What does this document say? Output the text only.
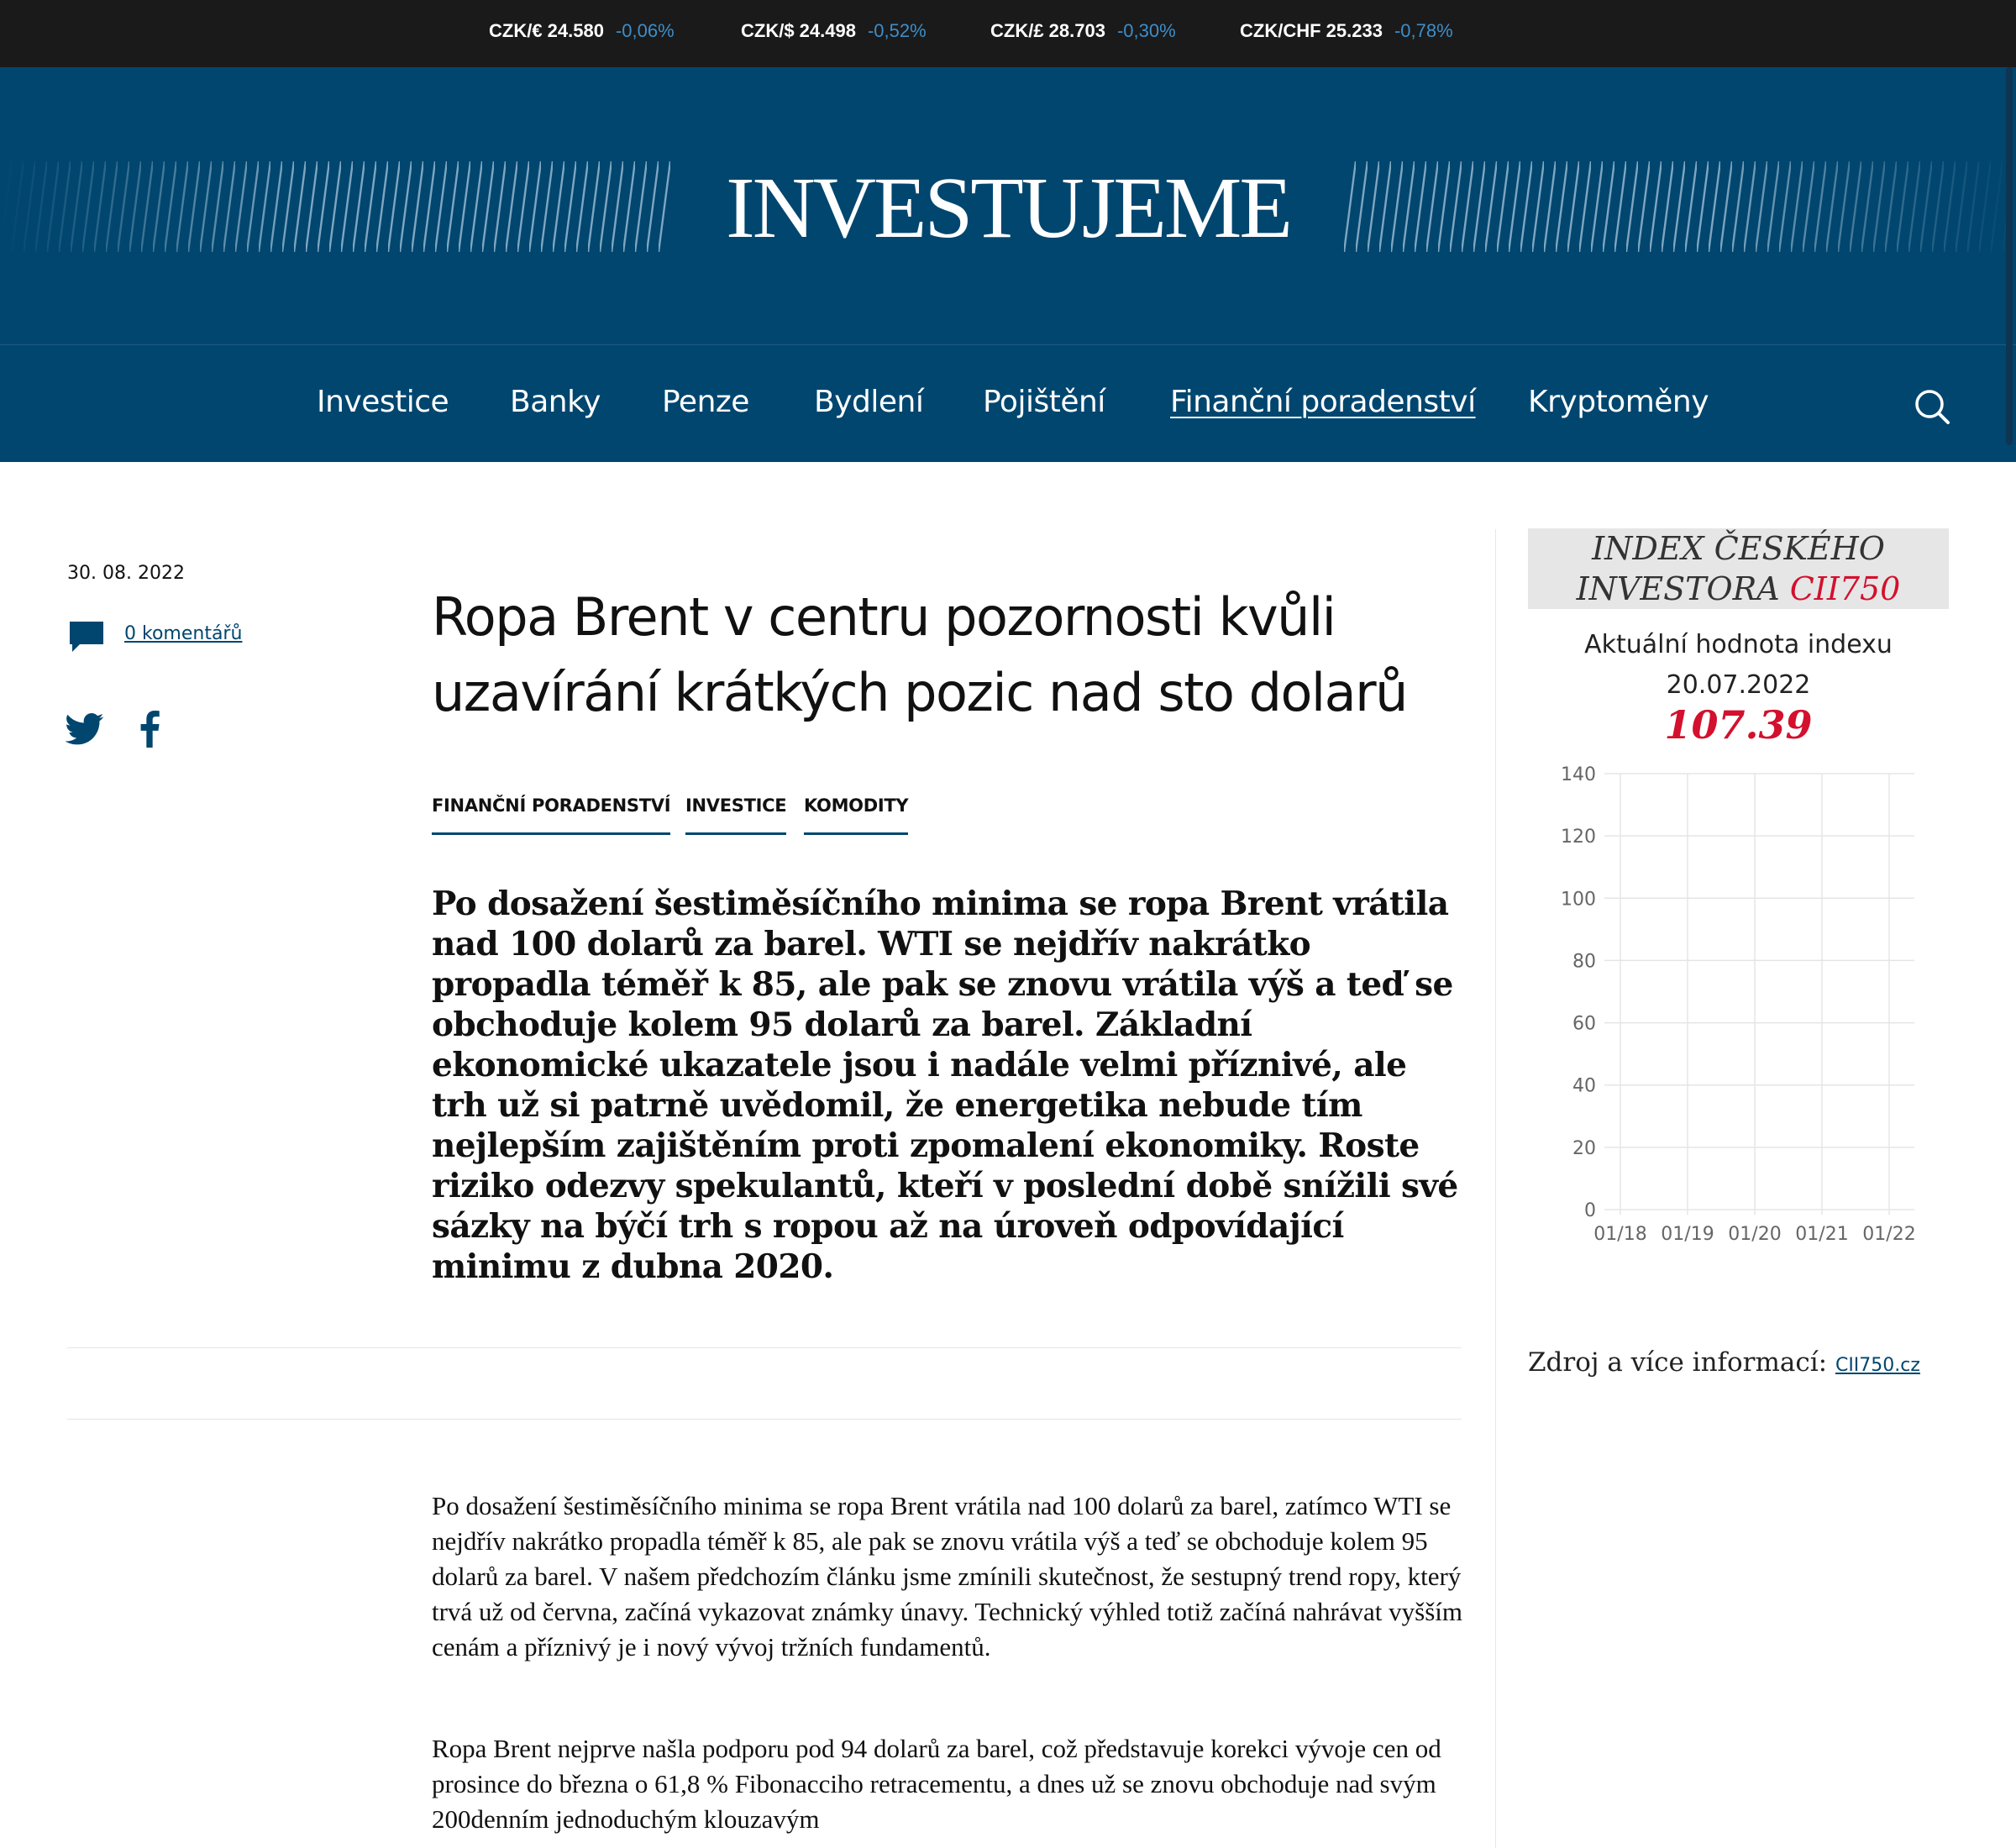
CZK/€ 24.580 -0,06%	CZK/$ 24.498 -0,52%	CZK/£ 28.703 -0,30%	CZK/CHF 25.233 -0,78%
INVESTUJEME
Investice Banky Penze Bydlení Pojištění Finanční poradenství Kryptoměny
30. 08. 2022
0 komentářů	Ropa Brent v centru pozornosti kvůli uzavírání krátkých pozic nad sto dolarů
FINANČNÍ PORADENSTVÍ INVESTICE KOMODITY
Po dosažení šestiměsíčního minima se ropa Brent vrátila nad 100 dolarů za barel. WTI se nejdřív nakrátko propadla téměř k 85, ale pak se znovu vrátila výš a teď se obchoduje kolem 95 dolarů za barel. Základní ekonomické ukazatele jsou i nadále velmi příznivé, ale trh už si patrně uvědomil, že energetika nebude tím nejlepším zajištěním proti zpomalení ekonomiky. Roste riziko odezvy spekulantů, kteří v poslední době snížili své sázky na býčí trh s ropou až na úroveň odpovídající minimu z dubna 2020.

Po dosažení šestiměsíčního minima se ropa Brent vrátila nad 100 dolarů za barel, zatímco WTI se nejdřív nakrátko propadla téměř k 85, ale pak se znovu vrátila výš a teď se obchoduje kolem 95 dolarů za barel. V našem předchozím článku jsme zmínili skutečnost, že sestupný trend ropy, který trvá už od června, začíná vykazovat známky únavy. Technický výhled totiž začíná nahrávat vyšším cenám a příznivý je i nový vývoj tržních fundamentů.

Ropa Brent nejprve našla podporu pod 94 dolarů za barel, což představuje korekci vývoje cen od prosince do března o 61,8 % Fibonacciho retracementu, a dnes už se znovu obchoduje nad svým 200denním jednoduchým klouzavým

INDEX ČESKÉHO
INVESTORA CII750
Aktuální hodnota indexu
20.07.2022
107.39
0
20
40
60
80
100
120
140
01/18 01/19 01/20 01/21 01/22
Zdroj a více informací: CII750.cz
